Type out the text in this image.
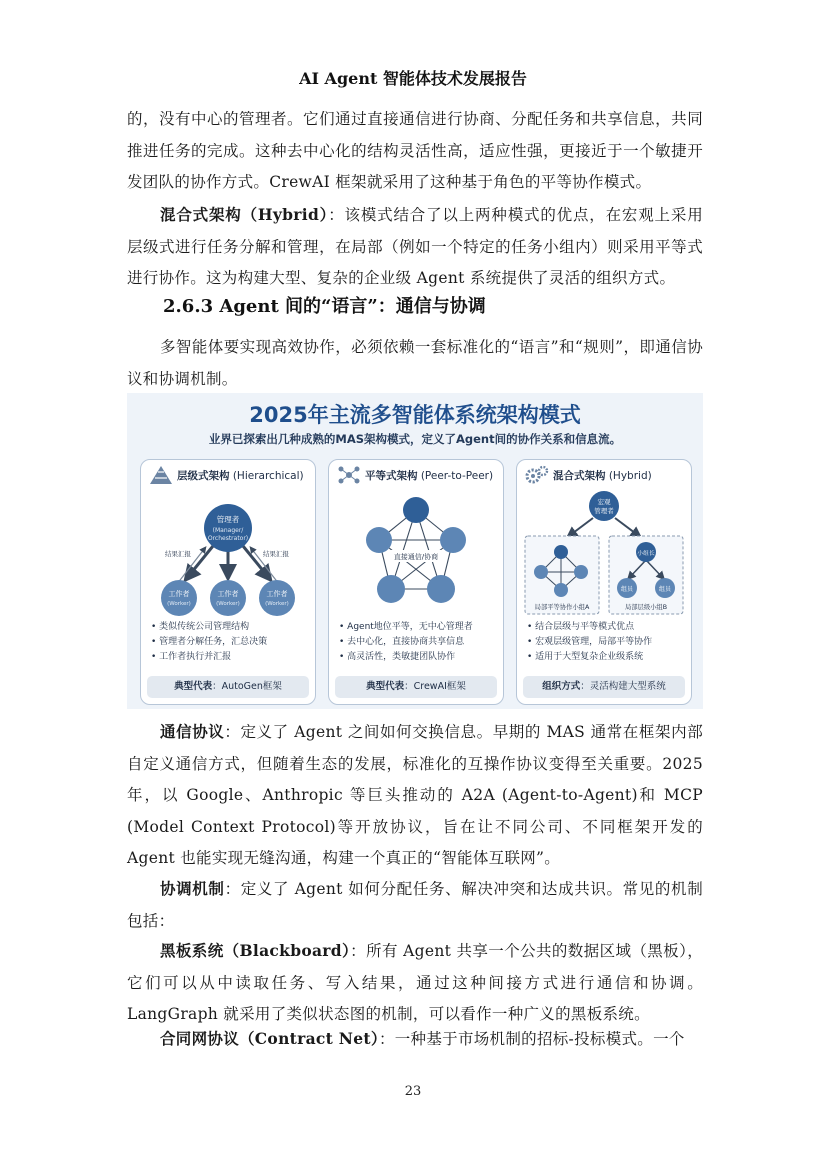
AI Agent 智能体技术发展报告

的，没有中心的管理者。它们通过直接通信进行协商、分配任务和共享信息，共同推进任务的完成。这种去中心化的结构灵活性高，适应性强，更接近于一个敏捷开发团队的协作方式。CrewAI 框架就采用了这种基于角色的平等协作模式。

混合式架构（Hybrid）：该模式结合了以上两种模式的优点，在宏观上采用层级式进行任务分解和管理，在局部（例如一个特定的任务小组内）则采用平等式进行协作。这为构建大型、复杂的企业级 Agent 系统提供了灵活的组织方式。

2.6.3 Agent 间的“语言”：通信与协调

多智能体要实现高效协作，必须依赖一套标准化的“语言”和“规则”，即通信协议和协调机制。

2025年主流多智能体系统架构模式
业界已探索出几种成熟的MAS架构模式，定义了Agent间的协作关系和信息流。
层级式架构 (Hierarchical)
管理者
(Manager/
Orchestrator)
结果汇报	结果汇报
工作者
(Worker)
工作者
(Worker)
工作者
(Worker)
• 类似传统公司管理结构
• 管理者分解任务，汇总决策
• 工作者执行并汇报
典型代表：AutoGen框架
平等式架构 (Peer-to-Peer)
直接通信/协商
• Agent地位平等，无中心管理者
• 去中心化，直接协商共享信息
• 高灵活性，类敏捷团队协作
典型代表：CrewAI框架
混合式架构 (Hybrid)
宏观
管理者
局部平等协作小组A
小组长
组员	组员
局部层级小组B
• 结合层级与平等模式优点
• 宏观层级管理，局部平等协作
• 适用于大型复杂企业级系统
组织方式：灵活构建大型系统

通信协议：定义了 Agent 之间如何交换信息。早期的 MAS 通常在框架内部自定义通信方式，但随着生态的发展，标准化的互操作协议变得至关重要。2025 年，以 Google、Anthropic 等巨头推动的 A2A (Agent-to-Agent)和 MCP (Model Context Protocol)等开放协议，旨在让不同公司、不同框架开发的 Agent 也能实现无缝沟通，构建一个真正的“智能体互联网”。

协调机制：定义了 Agent 如何分配任务、解决冲突和达成共识。常见的机制包括：

黑板系统（Blackboard）：所有 Agent 共享一个公共的数据区域（黑板），它们可以从中读取任务、写入结果，通过这种间接方式进行通信和协调。LangGraph 就采用了类似状态图的机制，可以看作一种广义的黑板系统。

合同网协议（Contract Net）：一种基于市场机制的招标-投标模式。一个

23
